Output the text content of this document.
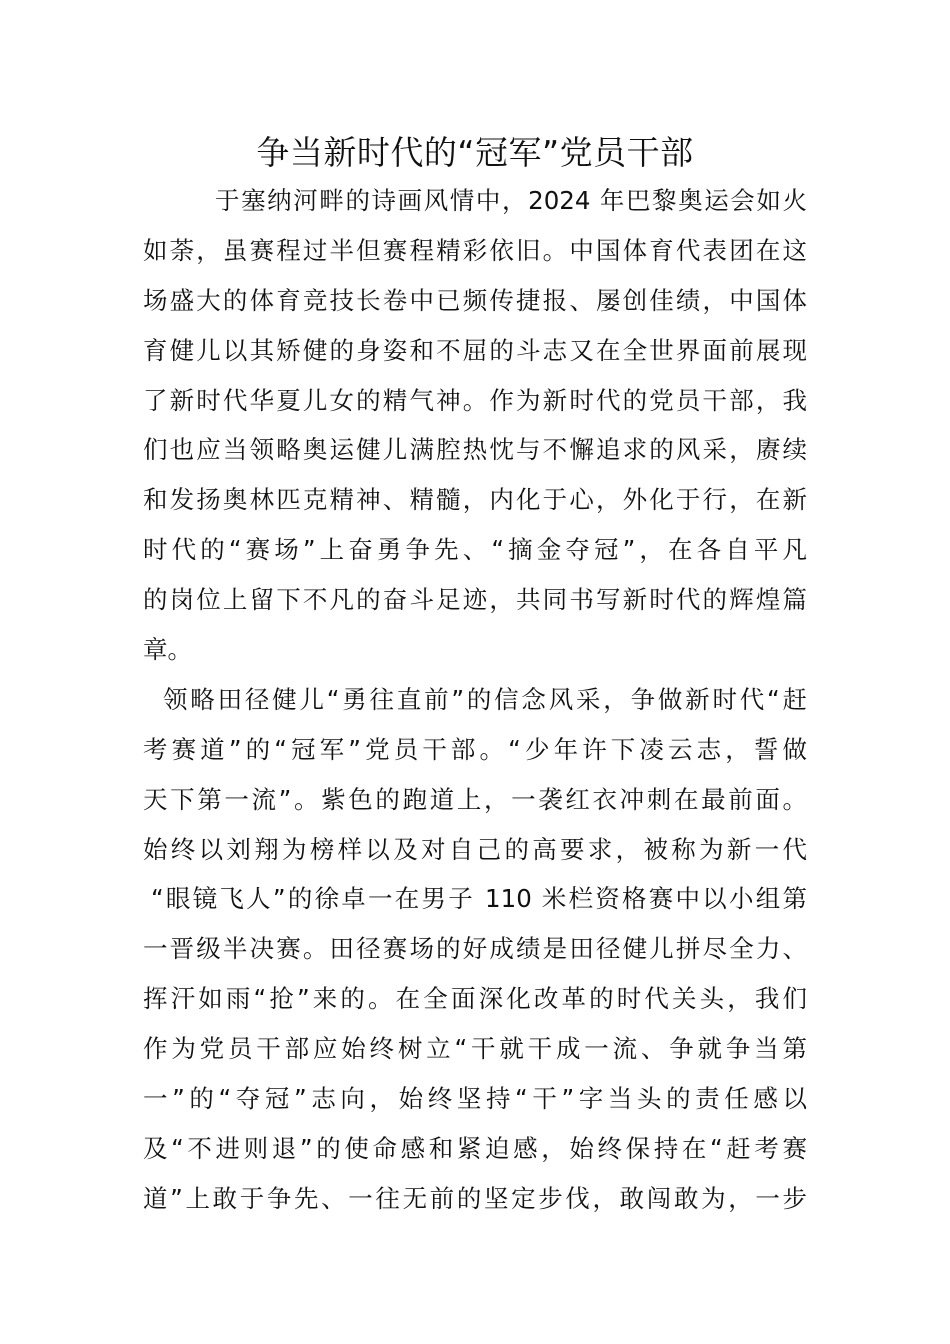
争当新时代的“冠军”党员干部
于塞纳河畔的诗画风情中，2024 年巴黎奥运会如火
如荼，虽赛程过半但赛程精彩依旧。中国体育代表团在这
场盛大的体育竞技长卷中已频传捷报、屡创佳绩，中国体
育健儿以其矫健的身姿和不屈的斗志又在全世界面前展现
了新时代华夏儿女的精气神。作为新时代的党员干部，我
们也应当领略奥运健儿满腔热忱与不懈追求的风采，赓续
和发扬奥林匹克精神、精髓，内化于心，外化于行，在新
时代的“赛场”上奋勇争先、“摘金夺冠”，在各自平凡
的岗位上留下不凡的奋斗足迹，共同书写新时代的辉煌篇
章。
领略田径健儿“勇往直前”的信念风采，争做新时代“赶
考赛道”的“冠军”党员干部。“少年许下凌云志，誓做
天下第一流”。紫色的跑道上，一袭红衣冲刺在最前面。
始终以刘翔为榜样以及对自己的高要求，被称为新一代
“眼镜飞人”的徐卓一在男子 110 米栏资格赛中以小组第
一晋级半决赛。田径赛场的好成绩是田径健儿拼尽全力、
挥汗如雨“抢”来的。在全面深化改革的时代关头，我们
作为党员干部应始终树立“干就干成一流、争就争当第
一”的“夺冠”志向，始终坚持“干”字当头的责任感以
及“不进则退”的使命感和紧迫感，始终保持在“赶考赛
道”上敢于争先、一往无前的坚定步伐，敢闯敢为，一步
